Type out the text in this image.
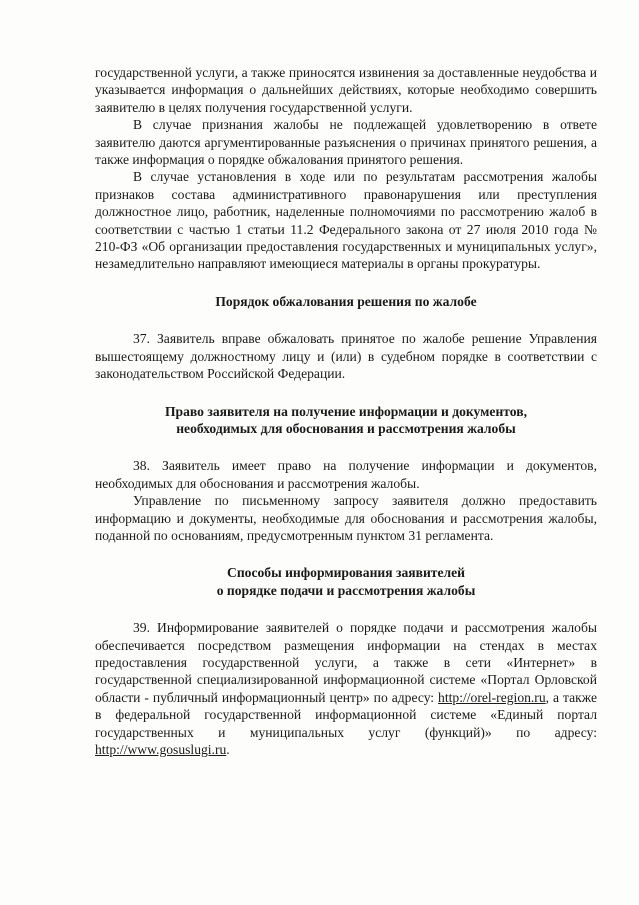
государственной услуги, а также приносятся извинения за доставленные неудобства и указывается информация о дальнейших действиях, которые необходимо совершить заявителю в целях получения государственной услуги.

В случае признания жалобы не подлежащей удовлетворению в ответе заявителю даются аргументированные разъяснения о причинах принятого решения, а также информация о порядке обжалования принятого решения.

В случае установления в ходе или по результатам рассмотрения жалобы признаков состава административного правонарушения или преступления должностное лицо, работник, наделенные полномочиями по рассмотрению жалоб в соответствии с частью 1 статьи 11.2 Федерального закона от 27 июля 2010 года № 210-ФЗ «Об организации предоставления государственных и муниципальных услуг», незамедлительно направляют имеющиеся материалы в органы прокуратуры.

Порядок обжалования решения по жалобе

37. Заявитель вправе обжаловать принятое по жалобе решение Управления вышестоящему должностному лицу и (или) в судебном порядке в соответствии с законодательством Российской Федерации.

Право заявителя на получение информации и документов,

необходимых для обоснования и рассмотрения жалобы

38. Заявитель имеет право на получение информации и документов, необходимых для обоснования и рассмотрения жалобы.

Управление по письменному запросу заявителя должно предоставить информацию и документы, необходимые для обоснования и рассмотрения жалобы, поданной по основаниям, предусмотренным пунктом 31 регламента.

Способы информирования заявителей

о порядке подачи и рассмотрения жалобы

39. Информирование заявителей о порядке подачи и рассмотрения жалобы обеспечивается посредством размещения информации на стендах в местах предоставления государственной услуги, а также в сети «Интернет» в государственной специализированной информационной системе «Портал Орловской области - публичный информационный центр» по адресу: http://orel-region.ru, а также в федеральной государственной информационной системе «Единый портал государственных и муниципальных услуг (функций)» по адресу: http://www.gosuslugi.ru.
